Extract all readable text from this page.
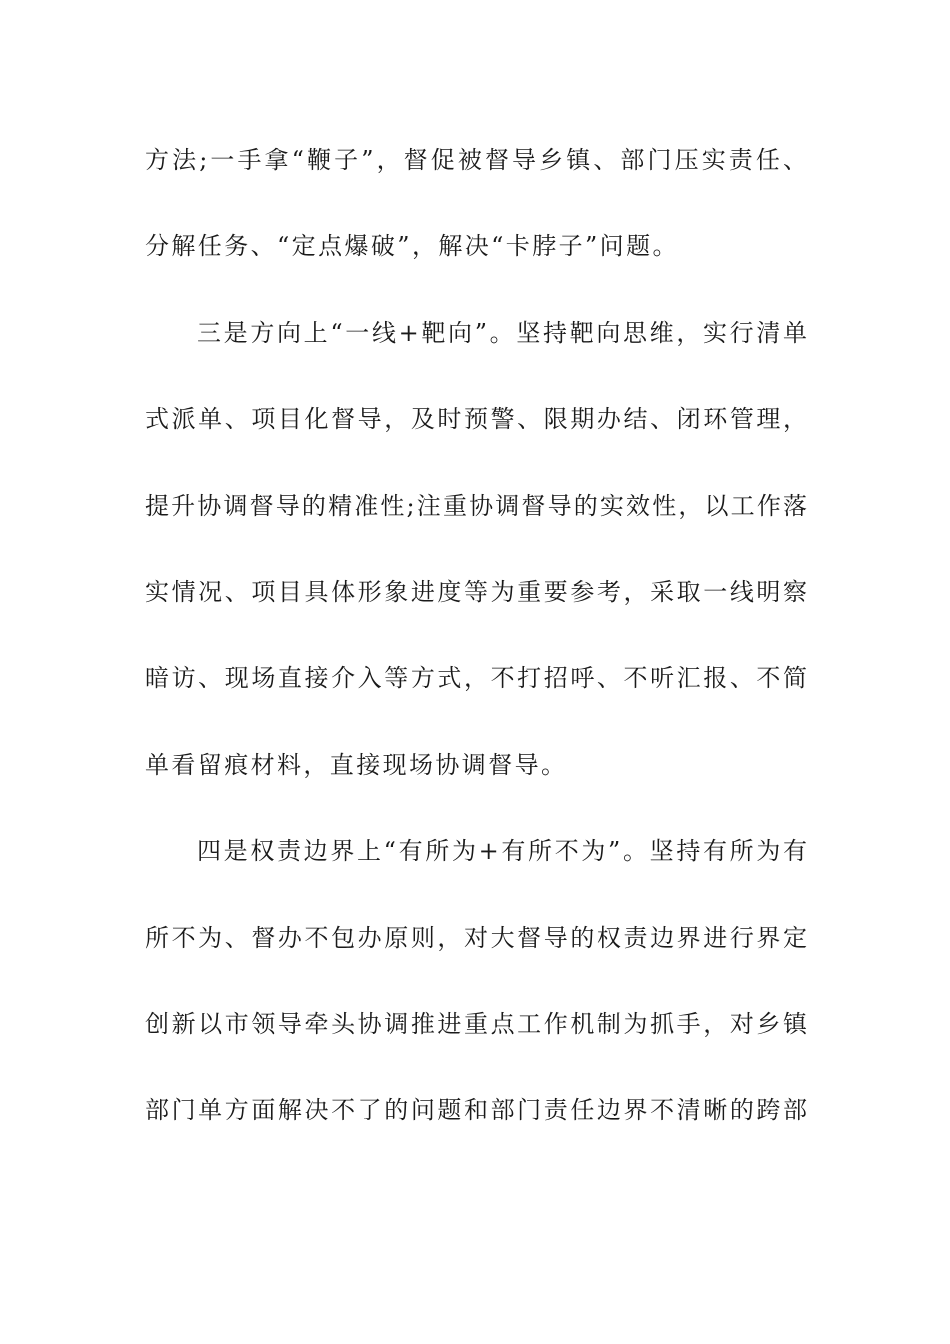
方法;一手拿“鞭子”，督促被督导乡镇、部门压实责任、
分解任务、“定点爆破”，解决“卡脖子”问题。
三是方向上“一线+靶向”。坚持靶向思维，实行清单
式派单、项目化督导，及时预警、限期办结、闭环管理，
提升协调督导的精准性;注重协调督导的实效性，以工作落
实情况、项目具体形象进度等为重要参考，采取一线明察
暗访、现场直接介入等方式，不打招呼、不听汇报、不简
单看留痕材料，直接现场协调督导。
四是权责边界上“有所为+有所不为”。坚持有所为有
所不为、督办不包办原则，对大督导的权责边界进行界定
创新以市领导牵头协调推进重点工作机制为抓手，对乡镇
部门单方面解决不了的问题和部门责任边界不清晰的跨部
